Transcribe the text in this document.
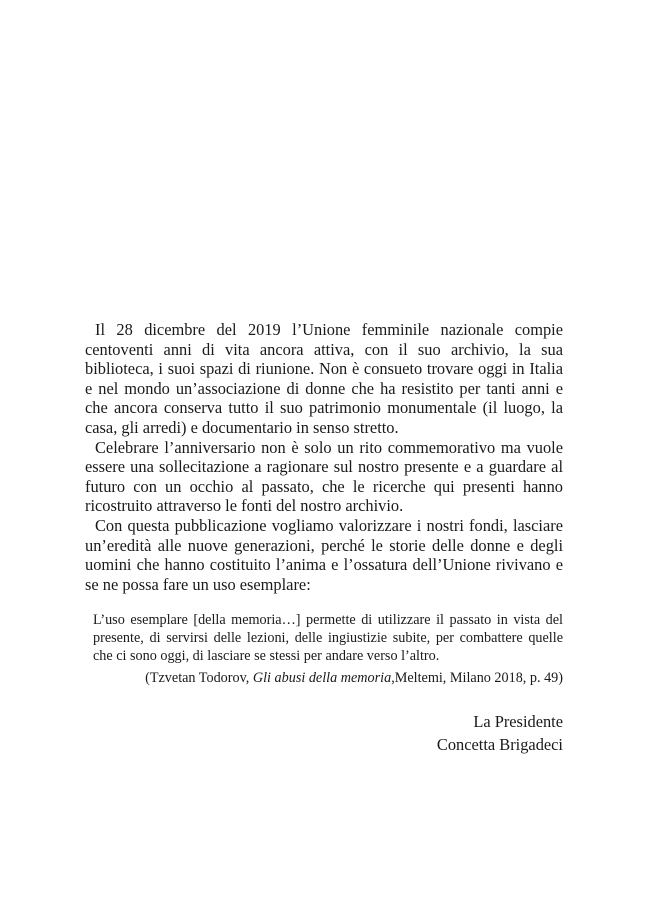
Il 28 dicembre del 2019 l’Unione femminile nazionale compie centoventi anni di vita ancora attiva, con il suo archivio, la sua biblioteca, i suoi spazi di riunione. Non è consueto trovare oggi in Italia e nel mondo un’associazione di donne che ha resistito per tanti anni e che ancora conserva tutto il suo patrimonio monumentale (il luogo, la casa, gli arredi) e documentario in senso stretto.

Celebrare l’anniversario non è solo un rito commemorativo ma vuole essere una sollecitazione a ragionare sul nostro presente e a guardare al futuro con un occhio al passato, che le ricerche qui presenti hanno ricostruito attraverso le fonti del nostro archivio.

Con questa pubblicazione vogliamo valorizzare i nostri fondi, lasciare un’eredità alle nuove generazioni, perché le storie delle donne e degli uomini che hanno costituito l’anima e l’ossatura dell’Unione rivivano e se ne possa fare un uso esemplare:

L’uso esemplare [della memoria…] permette di utilizzare il passato in vista del presente, di servirsi delle lezioni, delle ingiustizie subite, per combattere quelle che ci sono oggi, di lasciare se stessi per andare verso l’altro.

(Tzvetan Todorov, Gli abusi della memoria,Meltemi, Milano 2018, p. 49)

La Presidente
Concetta Brigadeci
